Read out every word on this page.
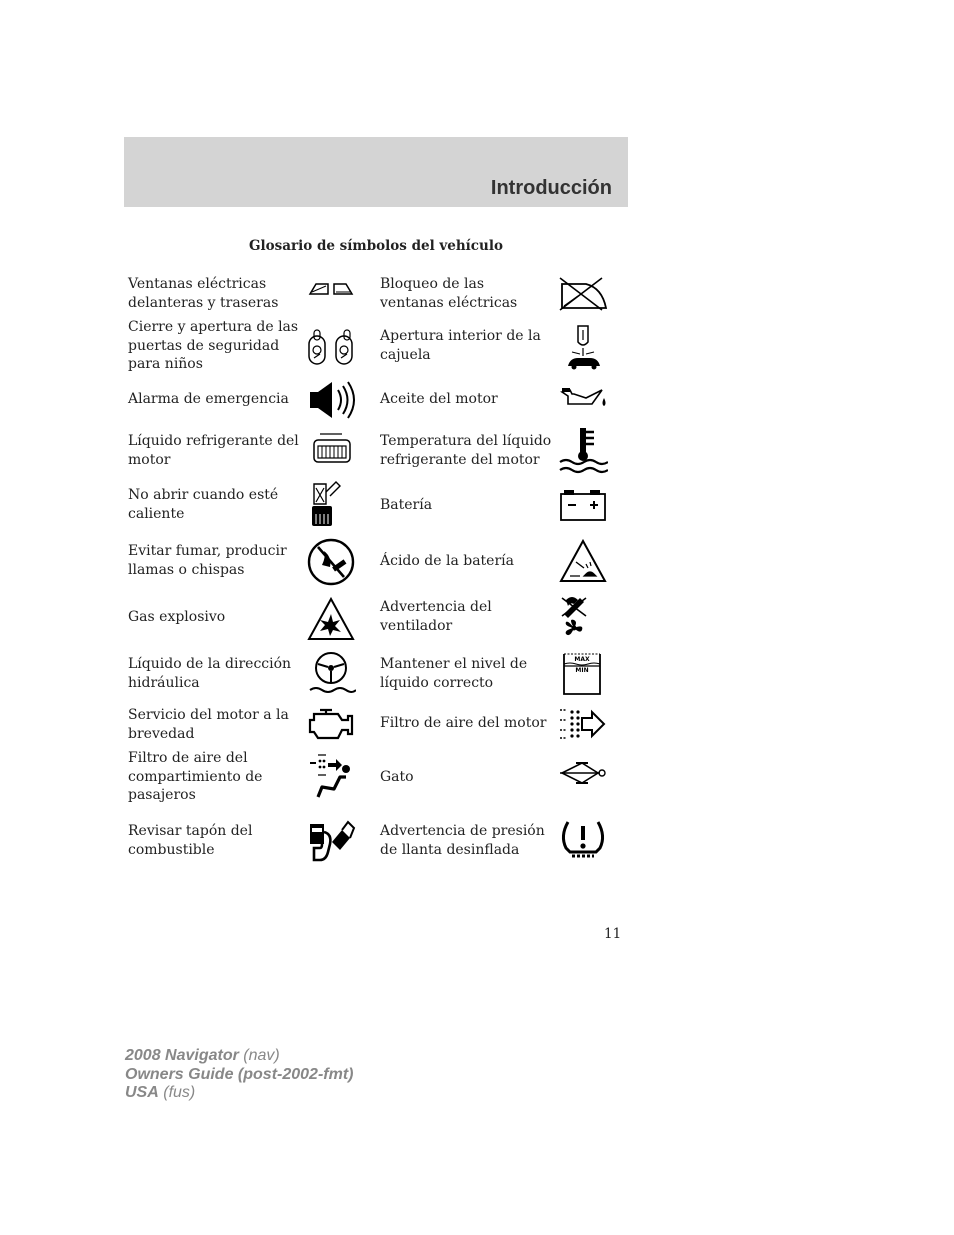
Introducción
Glosario de símbolos del vehículo
Ventanas eléctricas delanteras y traseras
Bloqueo de las ventanas eléctricas
Cierre y apertura de las puertas de seguridad para niños
Apertura interior de la cajuela
Alarma de emergencia	Aceite del motor
Líquido refrigerante del motor
Temperatura del líquido refrigerante del motor
No abrir cuando esté caliente
Batería
Evitar fumar, producir llamas o chispas
Ácido de la batería
Gas explosivo
Advertencia del ventilador
Líquido de la dirección hidráulica
Mantener el nivel de líquido correcto
MAX
MIN
Servicio del motor a la brevedad
Filtro de aire del motor
Filtro de aire del compartimiento de pasajeros
Gato
Revisar tapón del combustible
Advertencia de presión de llanta desinflada
11
2008 Navigator (nav)
Owners Guide (post-2002-fmt)
USA (fus)
